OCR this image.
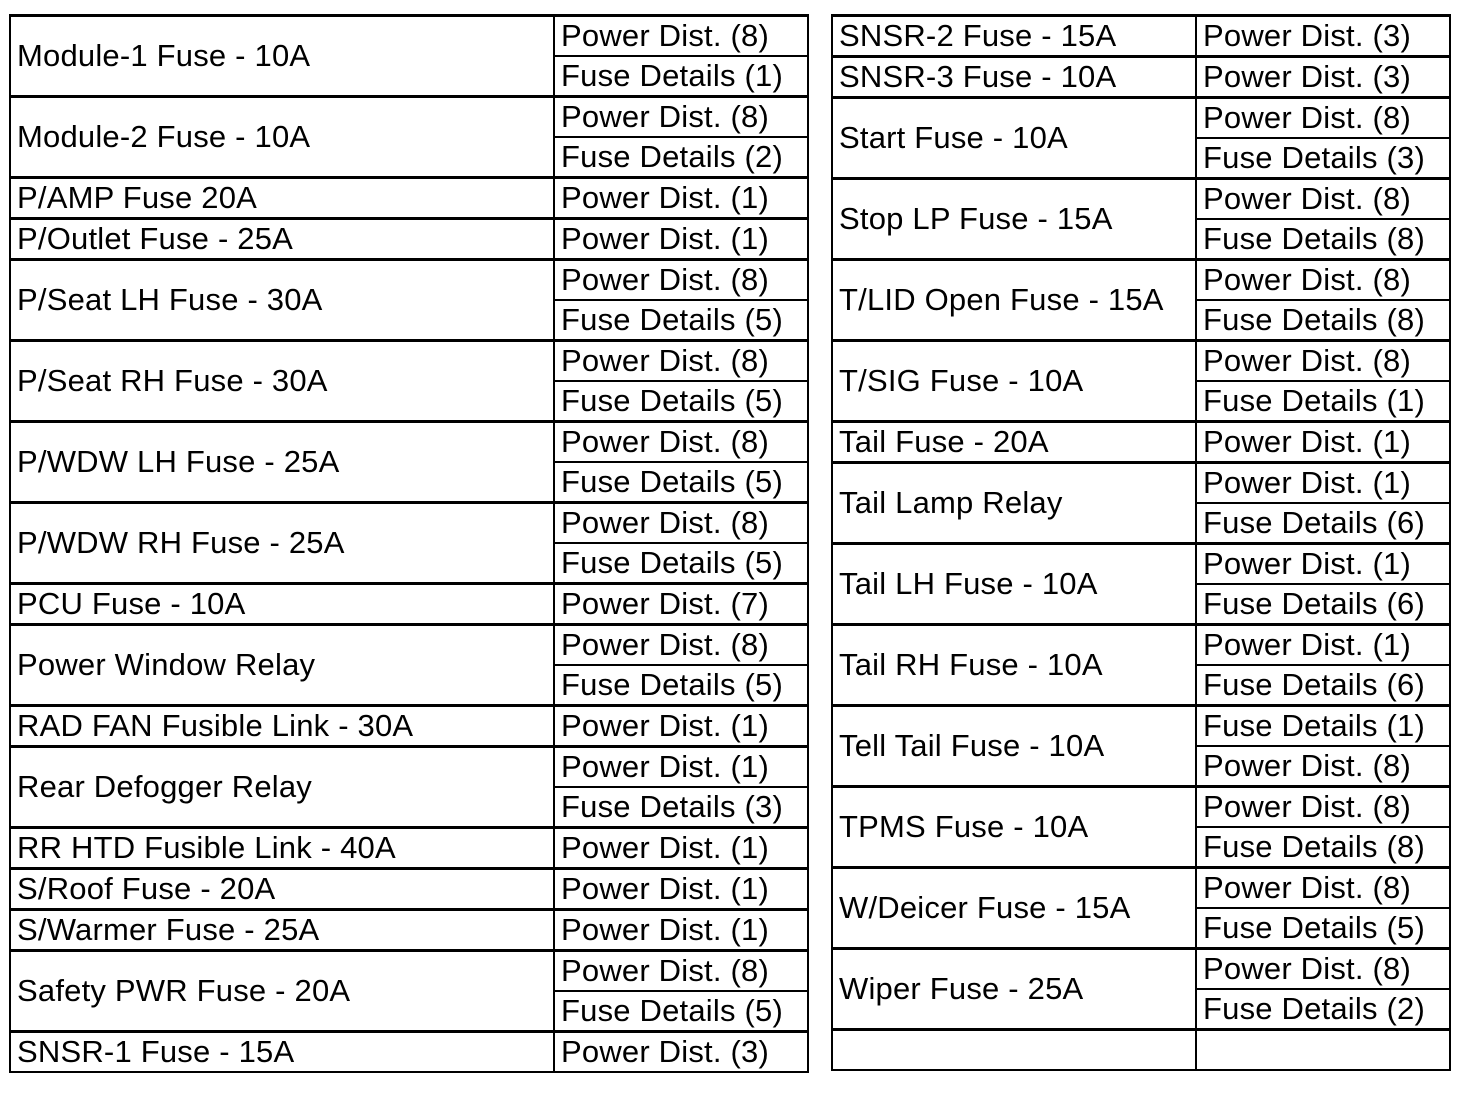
Module-1 Fuse - 10A	Power Dist. (8)
	Fuse Details (1)
Module-2 Fuse - 10A	Power Dist. (8)
	Fuse Details (2)
P/AMP Fuse 20A	Power Dist. (1)
P/Outlet Fuse - 25A	Power Dist. (1)
P/Seat LH Fuse - 30A	Power Dist. (8)
	Fuse Details (5)
P/Seat RH Fuse - 30A	Power Dist. (8)
	Fuse Details (5)
P/WDW LH Fuse - 25A	Power Dist. (8)
	Fuse Details (5)
P/WDW RH Fuse - 25A	Power Dist. (8)
	Fuse Details (5)
PCU Fuse - 10A	Power Dist. (7)
Power Window Relay	Power Dist. (8)
	Fuse Details (5)
RAD FAN Fusible Link - 30A	Power Dist. (1)
Rear Defogger Relay	Power Dist. (1)
	Fuse Details (3)
RR HTD Fusible Link - 40A	Power Dist. (1)
S/Roof Fuse - 20A	Power Dist. (1)
S/Warmer Fuse - 25A	Power Dist. (1)
Safety PWR Fuse - 20A	Power Dist. (8)
	Fuse Details (5)
SNSR-1 Fuse - 15A	Power Dist. (3)
SNSR-2 Fuse - 15A	Power Dist. (3)
SNSR-3 Fuse - 10A	Power Dist. (3)
Start Fuse - 10A	Power Dist. (8)
	Fuse Details (3)
Stop LP Fuse - 15A	Power Dist. (8)
	Fuse Details (8)
T/LID Open Fuse - 15A	Power Dist. (8)
	Fuse Details (8)
T/SIG Fuse - 10A	Power Dist. (8)
	Fuse Details (1)
Tail Fuse - 20A	Power Dist. (1)
Tail Lamp Relay	Power Dist. (1)
	Fuse Details (6)
Tail LH Fuse - 10A	Power Dist. (1)
	Fuse Details (6)
Tail RH Fuse - 10A	Power Dist. (1)
	Fuse Details (6)
Tell Tail Fuse - 10A	Fuse Details (1)
	Power Dist. (8)
TPMS Fuse - 10A	Power Dist. (8)
	Fuse Details (8)
W/Deicer Fuse - 15A	Power Dist. (8)
	Fuse Details (5)
Wiper Fuse - 25A	Power Dist. (8)
	Fuse Details (2)
